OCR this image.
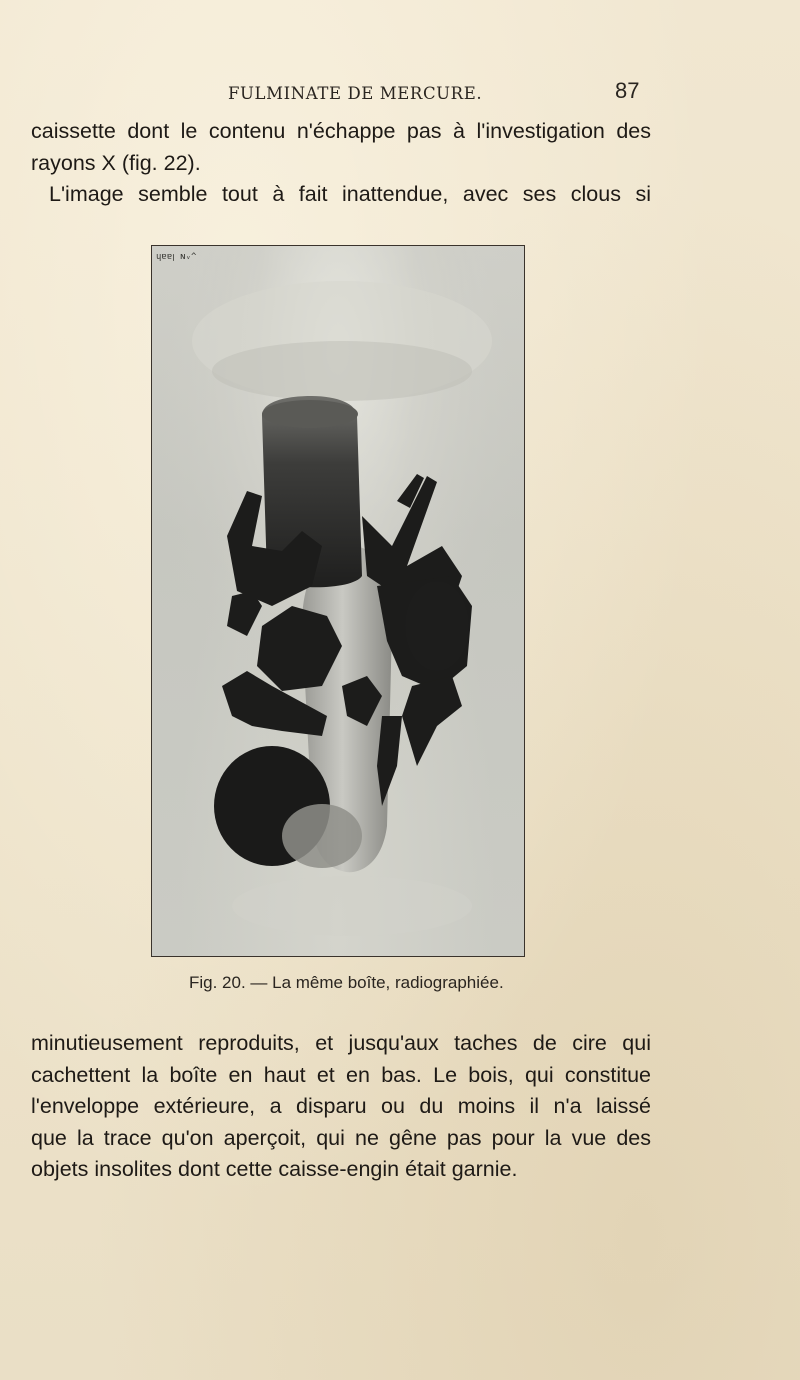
FULMINATE DE MERCURE.	87
caissette dont le contenu n'échappe pas à l'investigation des
rayons X (fig. 22).
L'image semble tout à fait inattendue, avec ses clous si
ɥɐɐꞁ ɴᵥ^
Fig. 20. — La même boîte, radiographiée.
minutieusement reproduits, et jusqu'aux taches de cire qui
cachettent la boîte en haut et en bas. Le bois, qui constitue
l'enveloppe extérieure, a disparu ou du moins il n'a laissé
que la trace qu'on aperçoit, qui ne gêne pas pour la vue des
objets insolites dont cette caisse-engin était garnie.
